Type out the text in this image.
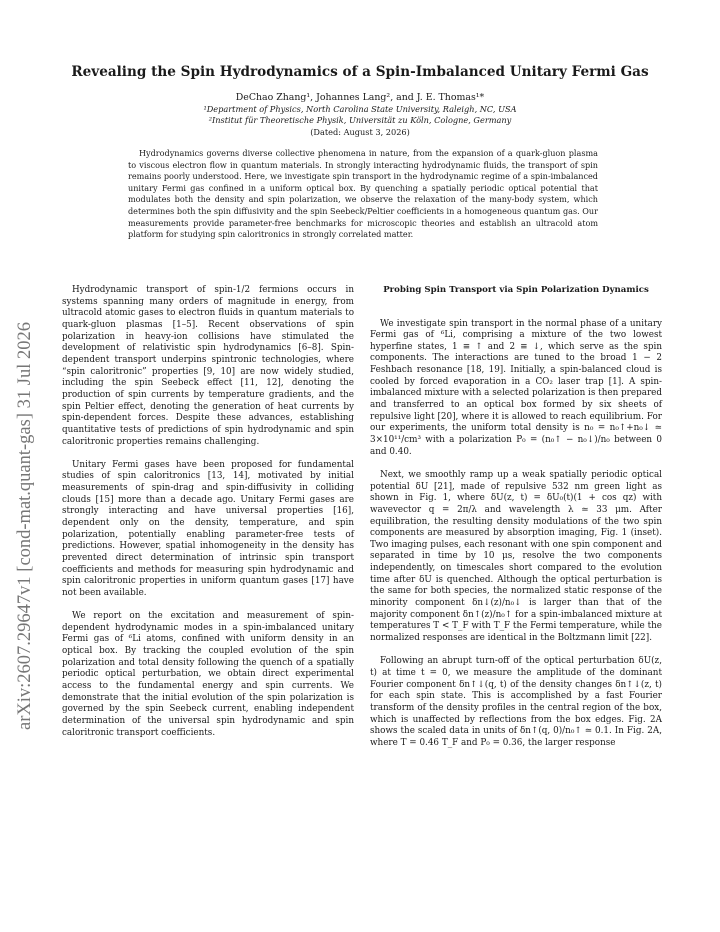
Revealing the Spin Hydrodynamics of a Spin-Imbalanced Unitary Fermi Gas
DeChao Zhang¹, Johannes Lang², and J. E. Thomas¹*
¹Department of Physics, North Carolina State University, Raleigh, NC, USA
²Institut für Theoretische Physik, Universität zu Köln, Cologne, Germany
(Dated: August 3, 2026)
Hydrodynamics governs diverse collective phenomena in nature, from the expansion of a quark-gluon plasma to viscous electron flow in quantum materials. In strongly interacting hydrodynamic fluids, the transport of spin remains poorly understood. Here, we investigate spin transport in the hydrodynamic regime of a spin-imbalanced unitary Fermi gas confined in a uniform optical box. By quenching a spatially periodic optical potential that modulates both the density and spin polarization, we observe the relaxation of the many-body system, which determines both the spin diffusivity and the spin Seebeck/Peltier coefficients in a homogeneous quantum gas. Our measurements provide parameter-free benchmarks for microscopic theories and establish an ultracold atom platform for studying spin caloritronics in strongly correlated matter.
arXiv:2607.29647v1 [cond-mat.quant-gas] 31 Jul 2026

Hydrodynamic transport of spin-1/2 fermions occurs in systems spanning many orders of magnitude in energy, from ultracold atomic gases to electron fluids in quantum materials to quark-gluon plasmas [1–5]. Recent observations of spin polarization in heavy-ion collisions have stimulated the development of relativistic spin hydrodynamics [6–8]. Spin-dependent transport underpins spintronic technologies, where “spin caloritronic” properties [9, 10] are now widely studied, including the spin Seebeck effect [11, 12], denoting the production of spin currents by temperature gradients, and the spin Peltier effect, denoting the generation of heat currents by spin-dependent forces. Despite these advances, establishing quantitative tests of predictions of spin hydrodynamic and spin caloritronic properties remains challenging.

Unitary Fermi gases have been proposed for fundamental studies of spin caloritronics [13, 14], motivated by initial measurements of spin-drag and spin-diffusivity in colliding clouds [15] more than a decade ago. Unitary Fermi gases are strongly interacting and have universal properties [16], dependent only on the density, temperature, and spin polarization, potentially enabling parameter-free tests of predictions. However, spatial inhomogeneity in the density has prevented direct determination of intrinsic spin transport coefficients and methods for measuring spin hydrodynamic and spin caloritronic properties in uniform quantum gases [17] have not been available.

We report on the excitation and measurement of spin-dependent hydrodynamic modes in a spin-imbalanced unitary Fermi gas of ⁶Li atoms, confined with uniform density in an optical box. By tracking the coupled evolution of the spin polarization and total density following the quench of a spatially periodic optical perturbation, we obtain direct experimental access to the fundamental energy and spin currents. We demonstrate that the initial evolution of the spin polarization is governed by the spin Seebeck current, enabling independent determination of the universal spin hydrodynamic and spin caloritronic transport coefficients.

Probing Spin Transport via Spin Polarization Dynamics

We investigate spin transport in the normal phase of a unitary Fermi gas of ⁶Li, comprising a mixture of the two lowest hyperfine states, 1 ≡ ↑ and 2 ≡ ↓, which serve as the spin components. The interactions are tuned to the broad 1 − 2 Feshbach resonance [18, 19]. Initially, a spin-balanced cloud is cooled by forced evaporation in a CO₂ laser trap [1]. A spin-imbalanced mixture with a selected polarization is then prepared and transferred to an optical box formed by six sheets of repulsive light [20], where it is allowed to reach equilibrium. For our experiments, the uniform total density is n₀ = n₀↑+n₀↓ ≃ 3×10¹¹/cm³ with a polarization P₀ = (n₀↑ − n₀↓)/n₀ between 0 and 0.40.

Next, we smoothly ramp up a weak spatially periodic optical potential δU [21], made of repulsive 532 nm green light as shown in Fig. 1, where δU(z, t) = δU₀(t)(1 + cos qz) with wavevector q = 2π/λ and wavelength λ ≃ 33 μm. After equilibration, the resulting density modulations of the two spin components are measured by absorption imaging, Fig. 1 (inset). Two imaging pulses, each resonant with one spin component and separated in time by 10 μs, resolve the two components independently, on timescales short compared to the evolution time after δU is quenched. Although the optical perturbation is the same for both species, the normalized static response of the minority component δn↓(z)/n₀↓ is larger than that of the majority component δn↑(z)/n₀↑ for a spin-imbalanced mixture at temperatures T < T_F with T_F the Fermi temperature, while the normalized responses are identical in the Boltzmann limit [22].

Following an abrupt turn-off of the optical perturbation δU(z, t) at time t = 0, we measure the amplitude of the dominant Fourier component δn↑↓(q, t) of the density changes δn↑↓(z, t) for each spin state. This is accomplished by a fast Fourier transform of the density profiles in the central region of the box, which is unaffected by reflections from the box edges. Fig. 2A shows the scaled data in units of δn↑(q, 0)/n₀↑ ≃ 0.1. In Fig. 2A, where T = 0.46 T_F and P₀ = 0.36, the larger response
